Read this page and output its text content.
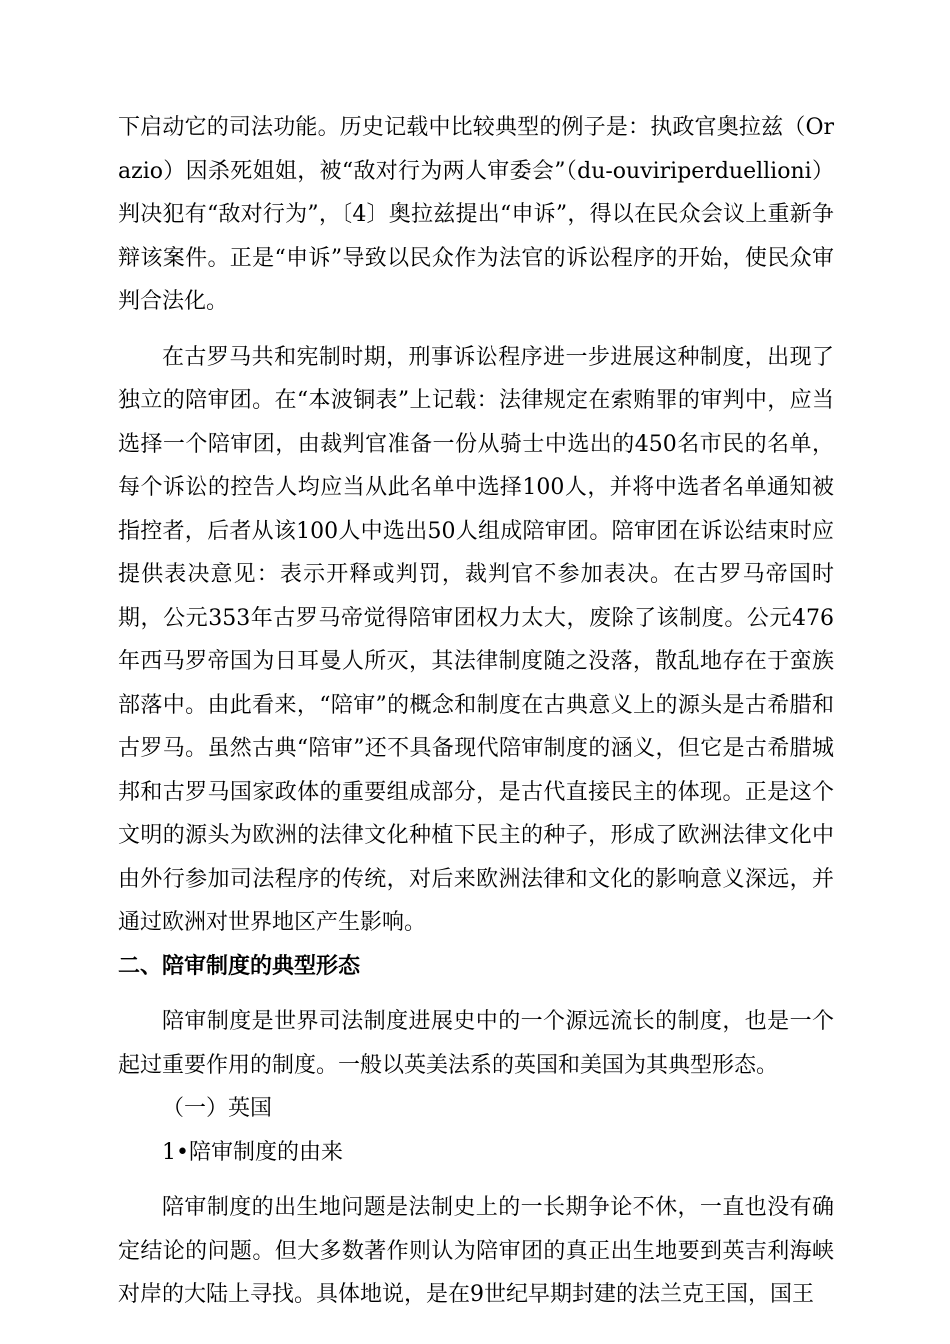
下启动它的司法功能。历史记载中比较典型的例子是：执政官奥拉兹（Orazio）因杀死姐姐，被“敌对行为两人审委会”（du-ouviriperduellioni）判决犯有“敌对行为”，〔4〕奥拉兹提出“申诉”，得以在民众会议上重新争辩该案件。正是“申诉”导致以民众作为法官的诉讼程序的开始，使民众审判合法化。

在古罗马共和宪制时期，刑事诉讼程序进一步进展这种制度，出现了独立的陪审团。在“本波铜表”上记载：法律规定在索贿罪的审判中，应当选择一个陪审团，由裁判官准备一份从骑士中选出的450名市民的名单，每个诉讼的控告人均应当从此名单中选择100人，并将中选者名单通知被指控者，后者从该100人中选出50人组成陪审团。陪审团在诉讼结束时应提供表决意见：表示开释或判罚，裁判官不参加表决。在古罗马帝国时期，公元353年古罗马帝觉得陪审团权力太大，废除了该制度。公元476年西马罗帝国为日耳曼人所灭，其法律制度随之没落，散乱地存在于蛮族部落中。由此看来，“陪审”的概念和制度在古典意义上的源头是古希腊和古罗马。虽然古典“陪审”还不具备现代陪审制度的涵义，但它是古希腊城邦和古罗马国家政体的重要组成部分，是古代直接民主的体现。正是这个文明的源头为欧洲的法律文化种植下民主的种子，形成了欧洲法律文化中由外行参加司法程序的传统，对后来欧洲法律和文化的影响意义深远，并通过欧洲对世界地区产生影响。

二、陪审制度的典型形态

陪审制度是世界司法制度进展史中的一个源远流长的制度，也是一个起过重要作用的制度。一般以英美法系的英国和美国为其典型形态。

（一）英国

1•陪审制度的由来

陪审制度的出生地问题是法制史上的一长期争论不休，一直也没有确定结论的问题。但大多数著作则认为陪审团的真正出生地要到英吉利海峡对岸的大陆上寻找。具体地说，是在9世纪早期封建的法兰克王国，国王
